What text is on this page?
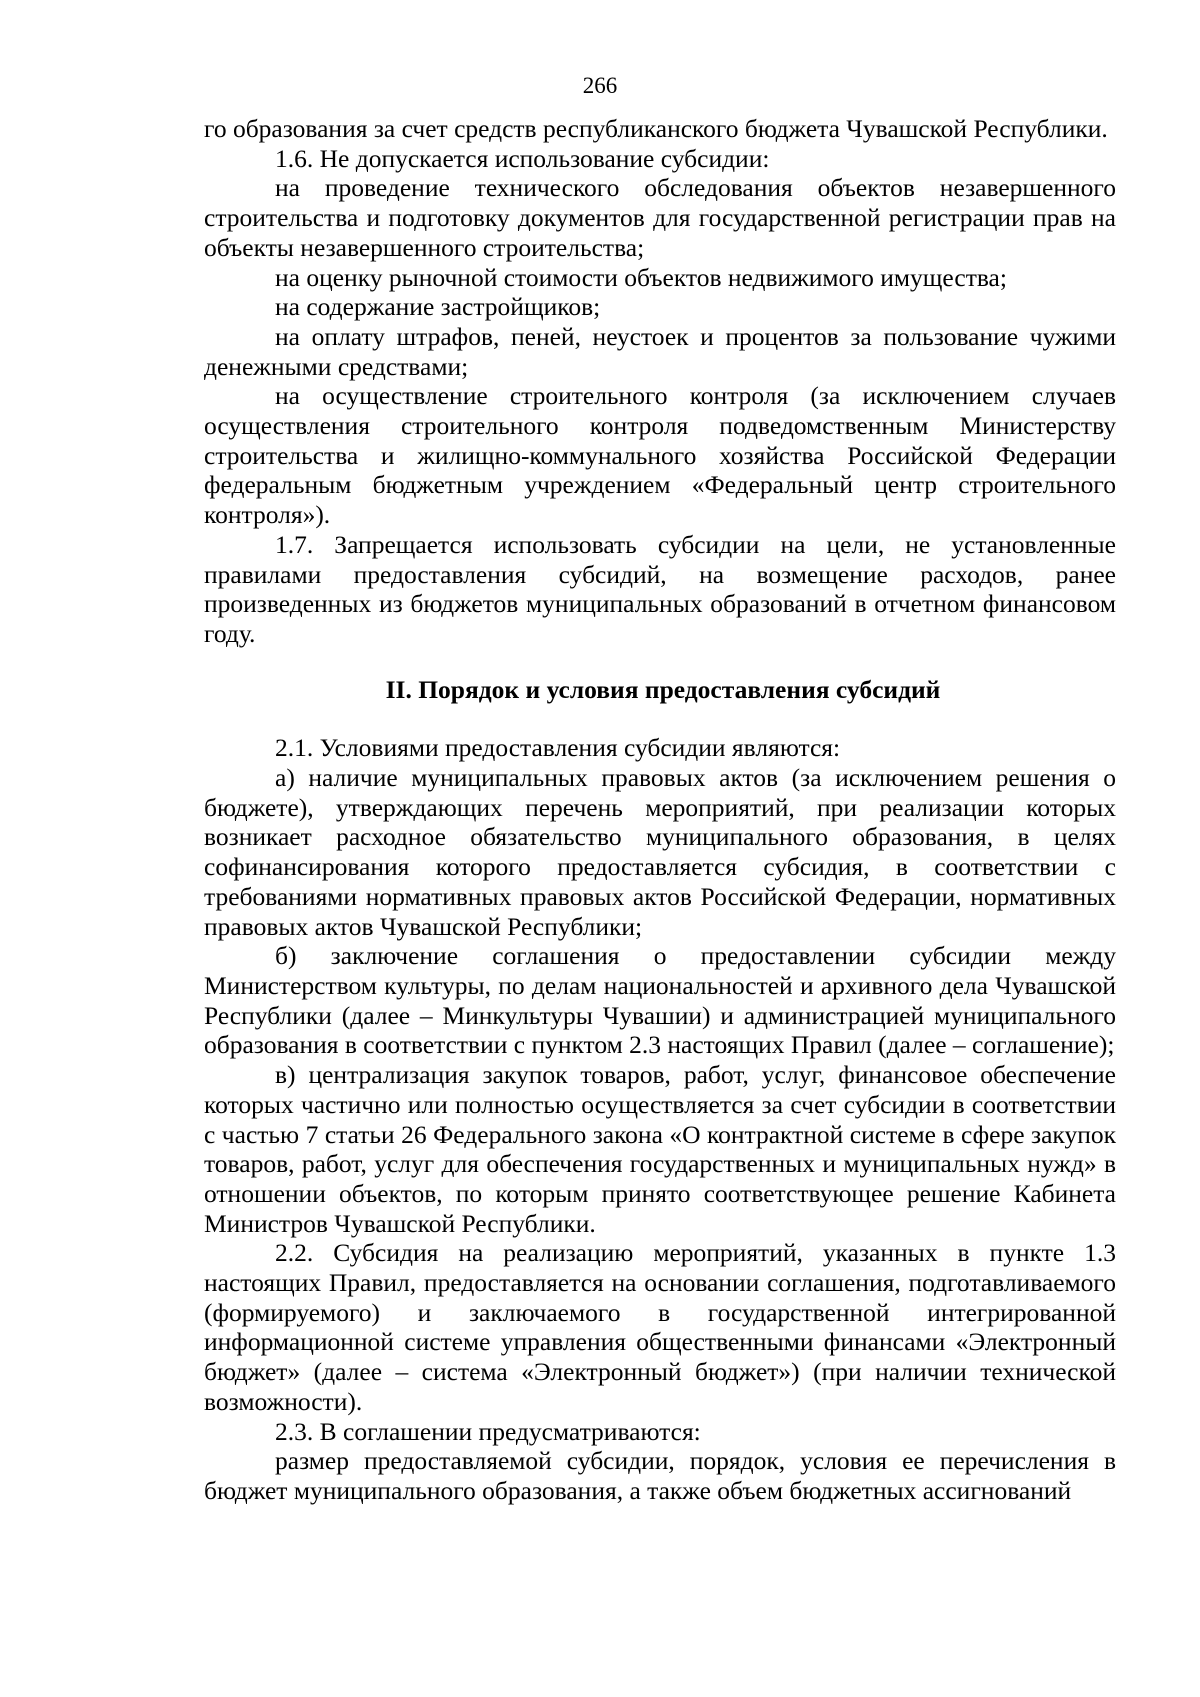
266

го образования за счет средств республиканского бюджета Чувашской Республики.

1.6. Не допускается использование субсидии:

на проведение технического обследования объектов незавершенного строительства и подготовку документов для государственной регистрации прав на объекты незавершенного строительства;

на оценку рыночной стоимости объектов недвижимого имущества;

на содержание застройщиков;

на оплату штрафов, пеней, неустоек и процентов за пользование чужими денежными средствами;

на осуществление строительного контроля (за исключением случаев осуществления строительного контроля подведомственным Министерству строительства и жилищно-коммунального хозяйства Российской Федерации федеральным бюджетным учреждением «Федеральный центр строительного контроля»).

1.7. Запрещается использовать субсидии на цели, не установленные правилами предоставления субсидий, на возмещение расходов, ранее произведенных из бюджетов муниципальных образований в отчетном финансовом году.

II. Порядок и условия предоставления субсидий

2.1. Условиями предоставления субсидии являются:

а) наличие муниципальных правовых актов (за исключением решения о бюджете), утверждающих перечень мероприятий, при реализации которых возникает расходное обязательство муниципального образования, в целях софинансирования которого предоставляется субсидия, в соответствии с требованиями нормативных правовых актов Российской Федерации, нормативных правовых актов Чувашской Республики;

б) заключение соглашения о предоставлении субсидии между Министерством культуры, по делам национальностей и архивного дела Чувашской Республики (далее – Минкультуры Чувашии) и администрацией муниципального образования в соответствии с пунктом 2.3 настоящих Правил (далее – соглашение);

в) централизация закупок товаров, работ, услуг, финансовое обеспечение которых частично или полностью осуществляется за счет субсидии в соответствии с частью 7 статьи 26 Федерального закона «О контрактной системе в сфере закупок товаров, работ, услуг для обеспечения государственных и муниципальных нужд» в отношении объектов, по которым принято соответствующее решение Кабинета Министров Чувашской Республики.

2.2. Субсидия на реализацию мероприятий, указанных в пункте 1.3 настоящих Правил, предоставляется на основании соглашения, подготавливаемого (формируемого) и заключаемого в государственной интегрированной информационной системе управления общественными финансами «Электронный бюджет» (далее – система «Электронный бюджет») (при наличии технической возможности).

2.3. В соглашении предусматриваются:

размер предоставляемой субсидии, порядок, условия ее перечисления в бюджет муниципального образования, а также объем бюджетных ассигнований
